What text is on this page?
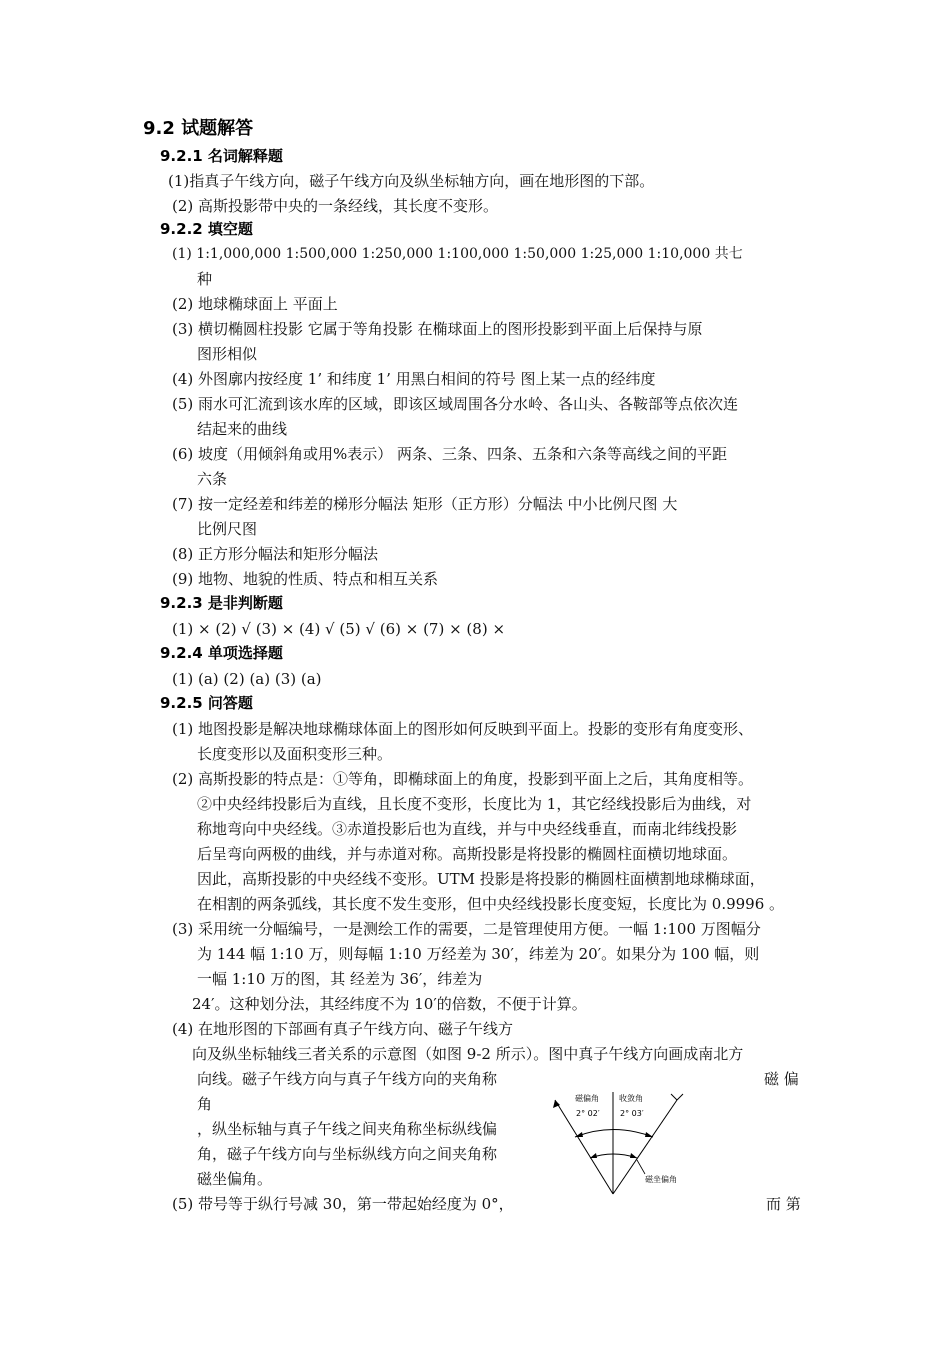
9.2 试题解答
9.2.1 名词解释题
(1)指真子午线方向，磁子午线方向及纵坐标轴方向，画在地形图的下部。
(2) 高斯投影带中央的一条经线，其长度不变形。
9.2.2 填空题
(1) 1:1,000,000 1:500,000 1:250,000 1:100,000 1:50,000 1:25,000 1:10,000 共七
种
(2) 地球椭球面上 平面上
(3) 横切椭圆柱投影 它属于等角投影 在椭球面上的图形投影到平面上后保持与原
图形相似
(4) 外图廓内按经度 1’ 和纬度 1’ 用黑白相间的符号 图上某一点的经纬度
(5) 雨水可汇流到该水库的区域，即该区域周围各分水岭、各山头、各鞍部等点依次连
结起来的曲线
(6) 坡度（用倾斜角或用%表示） 两条、三条、四条、五条和六条等高线之间的平距
六条
(7) 按一定经差和纬差的梯形分幅法 矩形（正方形）分幅法 中小比例尺图 大
比例尺图
(8) 正方形分幅法和矩形分幅法
(9) 地物、地貌的性质、特点和相互关系
9.2.3 是非判断题
(1) × (2) √ (3) × (4) √ (5) √ (6) × (7) × (8) ×
9.2.4 单项选择题
(1) (a) (2) (a) (3) (a)
9.2.5 问答题
(1) 地图投影是解决地球椭球体面上的图形如何反映到平面上。投影的变形有角度变形、
长度变形以及面积变形三种。
(2) 高斯投影的特点是：①等角，即椭球面上的角度，投影到平面上之后，其角度相等。
②中央经纬投影后为直线，且长度不变形，长度比为 1，其它经线投影后为曲线，对
称地弯向中央经线。③赤道投影后也为直线，并与中央经线垂直，而南北纬线投影
后呈弯向两极的曲线，并与赤道对称。高斯投影是将投影的椭圆柱面横切地球面。
因此，高斯投影的中央经线不变形。UTM 投影是将投影的椭圆柱面横割地球椭球面，
在相割的两条弧线，其长度不发生变形，但中央经线投影长度变短，长度比为 0.9996 。
(3) 采用统一分幅编号，一是测绘工作的需要，二是管理使用方便。一幅 1:100 万图幅分
为 144 幅 1:10 万，则每幅 1:10 万经差为 30′，纬差为 20′。如果分为 100 幅，则
一幅 1:10 万的图，其 经差为 36′，纬差为
24′。这种划分法，其经纬度不为 10′的倍数，不便于计算。
(4) 在地形图的下部画有真子午线方向、磁子午线方
向及纵坐标轴线三者关系的示意图（如图 9-2 所示）。图中真子午线方向画成南北方
向线。磁子午线方向与真子午线方向的夹角称	磁 偏
角
，纵坐标轴与真子午线之间夹角称坐标纵线偏
角，磁子午线方向与坐标纵线方向之间夹角称
磁坐偏角。
(5) 带号等于纵行号减 30，第一带起始经度为 0°，	而 第
磁偏角	收敛角
2° 02′	2° 03′
磁坐偏角
